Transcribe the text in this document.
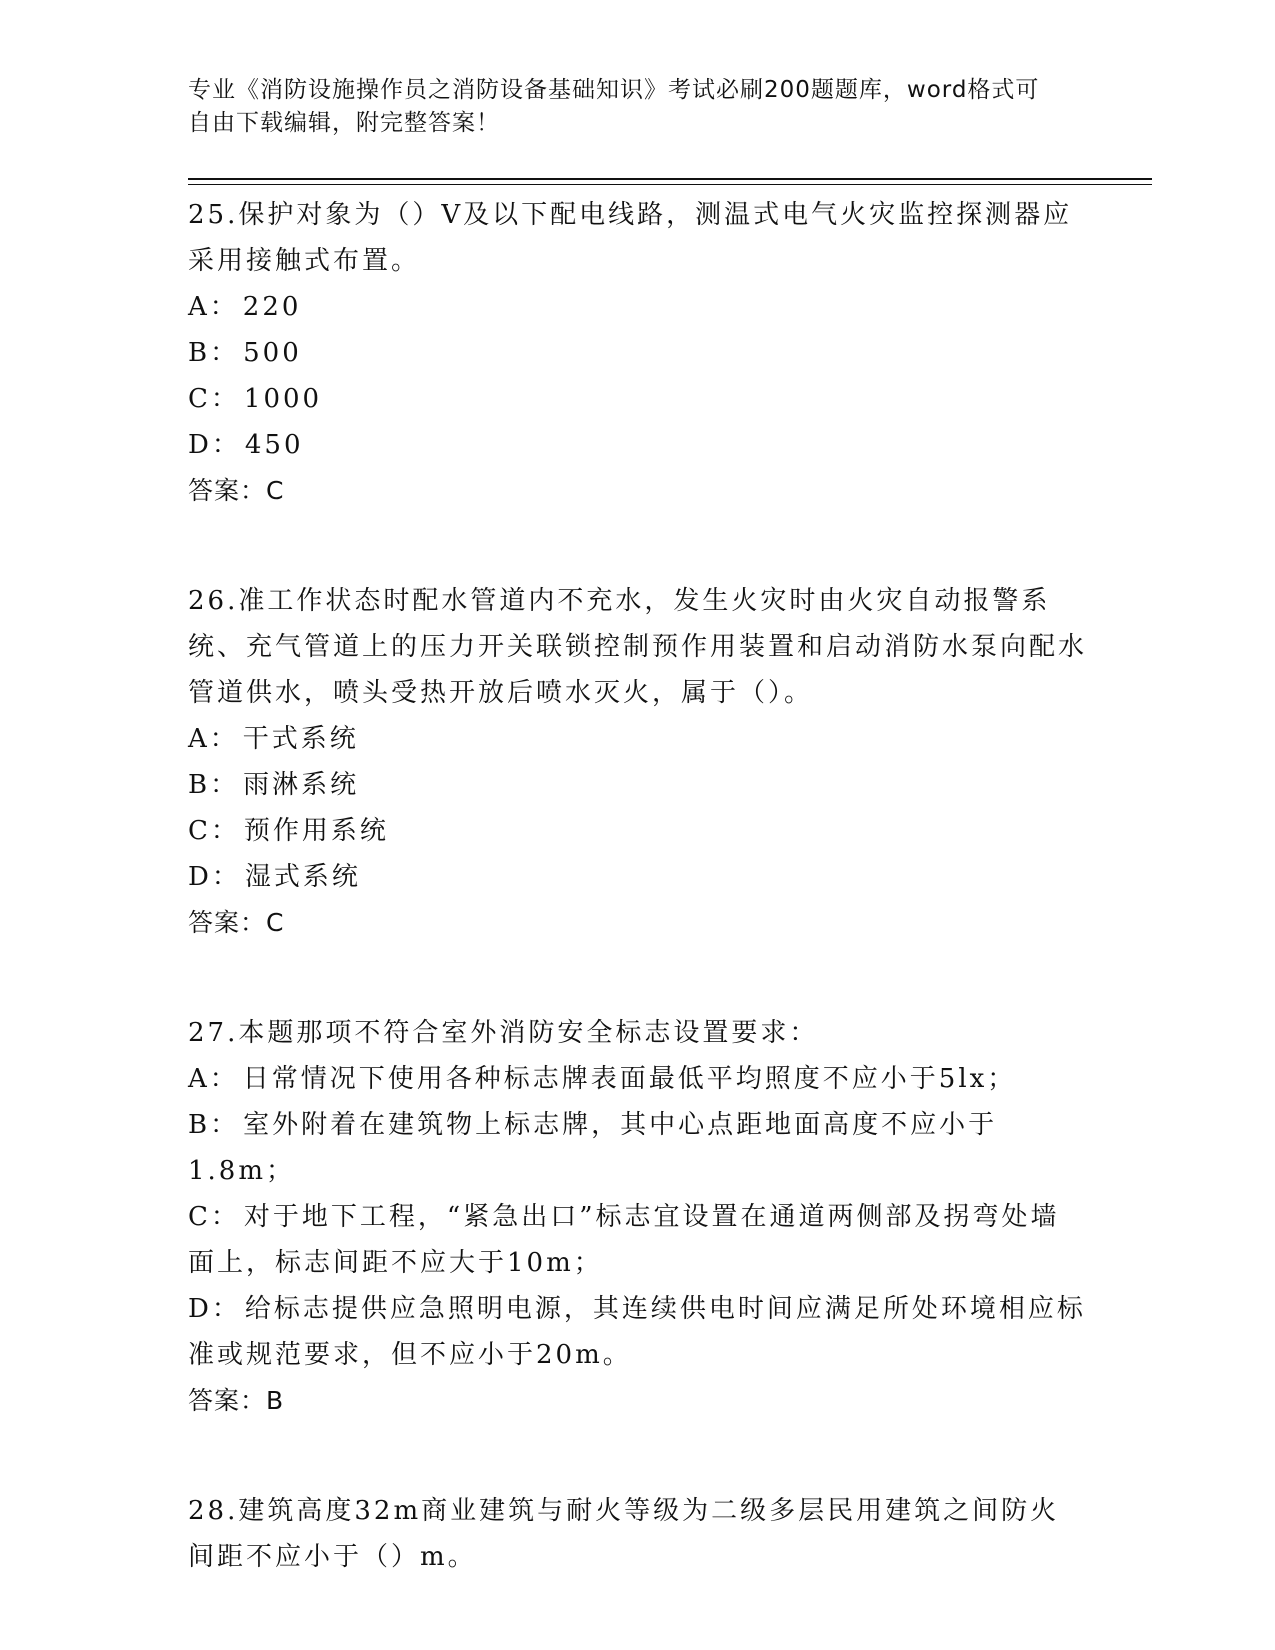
专业《消防设施操作员之消防设备基础知识》考试必刷200题题库，word格式可
自由下载编辑，附完整答案！

25.保护对象为（）V及以下配电线路，测温式电气火灾监控探测器应采用接触式布置。

A： 220

B： 500

C： 1000

D： 450

答案：C

26.准工作状态时配水管道内不充水，发生火灾时由火灾自动报警系统、充气管道上的压力开关联锁控制预作用装置和启动消防水泵向配水管道供水，喷头受热开放后喷水灭火，属于（）。

A： 干式系统

B： 雨淋系统

C： 预作用系统

D： 湿式系统

答案：C

27.本题那项不符合室外消防安全标志设置要求：

A： 日常情况下使用各种标志牌表面最低平均照度不应小于5lx；

B： 室外附着在建筑物上标志牌，其中心点距地面高度不应小于1.8m；

C： 对于地下工程，“紧急出口”标志宜设置在通道两侧部及拐弯处墙面上，标志间距不应大于10m；

D： 给标志提供应急照明电源，其连续供电时间应满足所处环境相应标准或规范要求，但不应小于20m。

答案：B

28.建筑高度32m商业建筑与耐火等级为二级多层民用建筑之间防火间距不应小于（）m。
